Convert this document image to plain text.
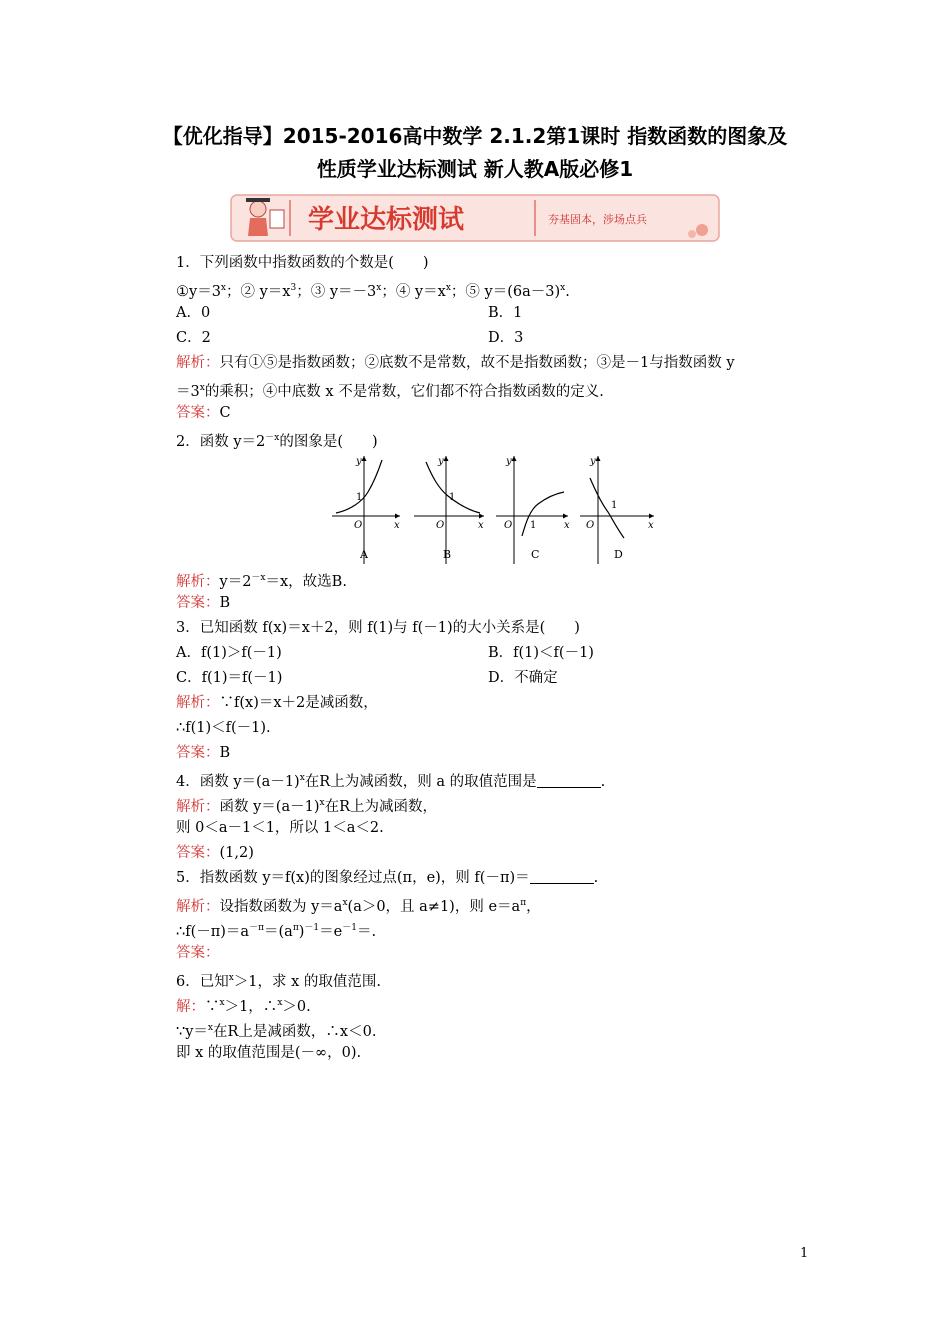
【优化指导】2015-2016高中数学 2.1.2第1课时 指数函数的图象及
性质学业达标测试 新人教A版必修1
学业达标测试	夯基固本，涉场点兵
1．下列函数中指数函数的个数是(　　)
$①y=3^x$；② $y=x^3$；③ $y=-3^x$；④ $y=x^x$；⑤ $y=(6a-3)^x$.
A．0	B．1
C．2	D．3
解析：只有①⑤是指数函数；②底数不是常数，故不是指数函数；③是－1与指数函数 y
$=3^x$的乘积；④中底数 x 不是常数，它们都不符合指数函数的定义.
答案：C
2．函数 $y=2^{-x}$的图象是(　　)
y
x
O
1
A
y
x
O
1
B
y
x
O 1
C
y
x
O
1
D
解析：$y=2^{-x}=x$，故选B.
答案：B
3．已知函数 f(x)＝x＋2，则 f(1)与 f(－1)的大小关系是(　　)
A．f(1)＞f(－1)	B．f(1)＜f(－1)
C．f(1)＝f(－1)	D．不确定
解析：∵f(x)＝x＋2是减函数，
∴f(1)＜f(－1).
答案：B
4．函数 $y=(a-1)^x$在R上为减函数，则 a 的取值范围是	.
解析：函数 $y=(a-1)^x$在R上为减函数，
则 0＜a－1＜1，所以 1＜a＜2.
答案：(1,2)
5．指数函数 y＝f(x)的图象经过点(π，e)，则 f(－π)＝	.
解析：设指数函数为 $y=a^x(a>0$，且 a≠1)，则 $e=a^\pi$，
$\therefore f(-\pi)=a^{-\pi}=(a^\pi)^{-1}=e^{-1}=$.
答案：
6．已知$^x$＞1，求 x 的取值范围.
解：∵$^x$＞1，∴$^x$＞0.
∵y＝$^x$在R上是减函数，∴x＜0.
即 x 的取值范围是(－∞，0).
1
